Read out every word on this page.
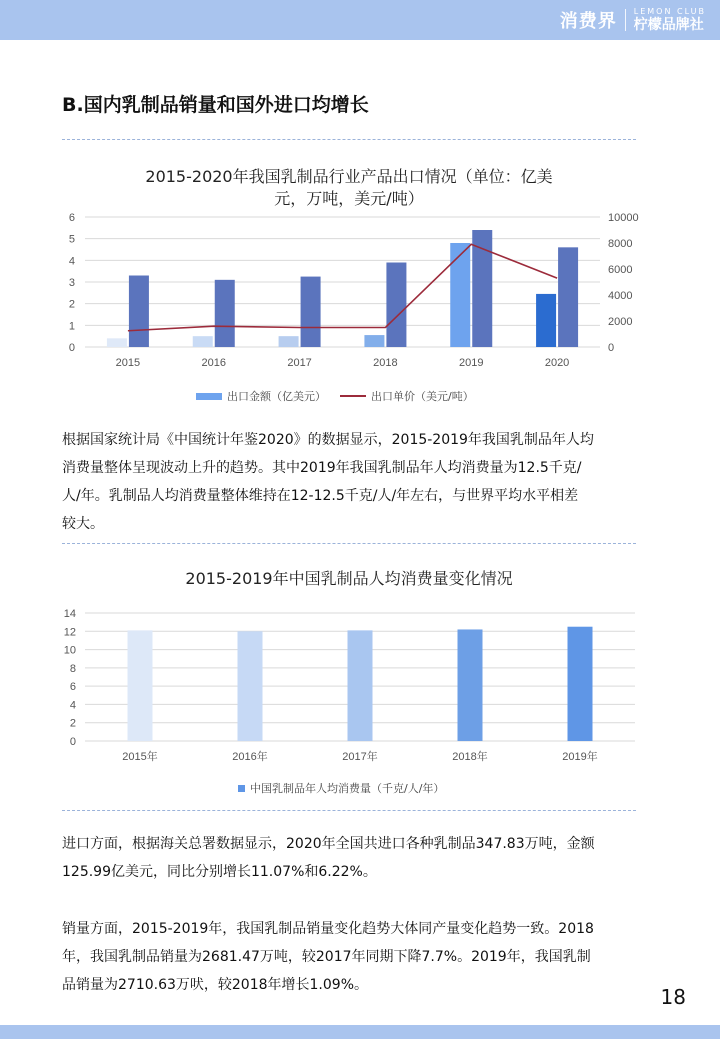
消费界 LEMON CLUB
柠檬品牌社
B.国内乳制品销量和国外进口均增长
2015-2020年我国乳制品行业产品出口情况（单位：亿美
元，万吨，美元/吨）
0
1
2
3
4
5
6
0
2000
4000
6000
8000
10000
2015	2016	2017	2018	2019	2020
出口金额（亿美元）	出口单价（美元/吨）
根据国家统计局《中国统计年鉴2020》的数据显示，2015-2019年我国乳制品年人均
消费量整体呈现波动上升的趋势。其中2019年我国乳制品年人均消费量为12.5千克/
人/年。乳制品人均消费量整体维持在12-12.5千克/人/年左右，与世界平均水平相差
较大。
2015-2019年中国乳制品人均消费量变化情况
0
2
4
6
8
10
12
14
2015年	2016年	2017年	2018年	2019年
中国乳制品年人均消费量（千克/人/年）
进口方面，根据海关总署数据显示，2020年全国共进口各种乳制品347.83万吨，金额
125.99亿美元，同比分别增长11.07%和6.22%。
销量方面，2015-2019年，我国乳制品销量变化趋势大体同产量变化趋势一致。2018
年，我国乳制品销量为2681.47万吨，较2017年同期下降7.7%。2019年，我国乳制
品销量为2710.63万吠，较2018年增长1.09%。	18
